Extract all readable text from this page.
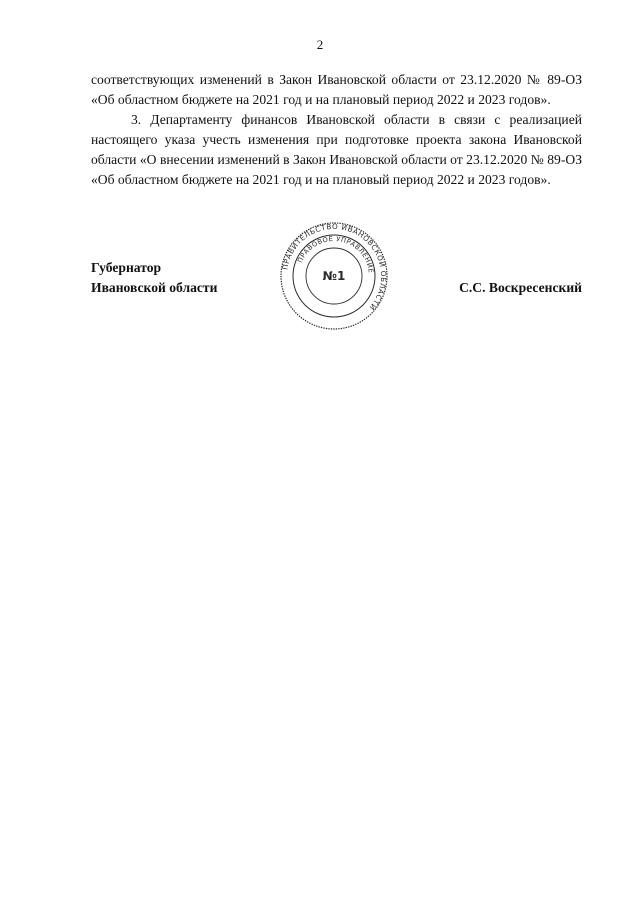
2

соответствующих изменений в Закон Ивановской области от 23.12.2020 № 89-ОЗ «Об областном бюджете на 2021 год и на плановый период 2022 и 2023 годов».

3. Департаменту финансов Ивановской области в связи с реализацией настоящего указа учесть изменения при подготовке проекта закона Ивановской области «О внесении изменений в Закон Ивановской области от 23.12.2020 № 89-ОЗ «Об областном бюджете на 2021 год и на плановый период 2022 и 2023 годов».

Губернатор
Ивановской области	С.С. Воскресенский
ПРАВИТЕЛЬСТВО ИВАНОВСКОЙ ОБЛАСТИ
ПРАВОВОЕ УПРАВЛЕНИЕ
№1
